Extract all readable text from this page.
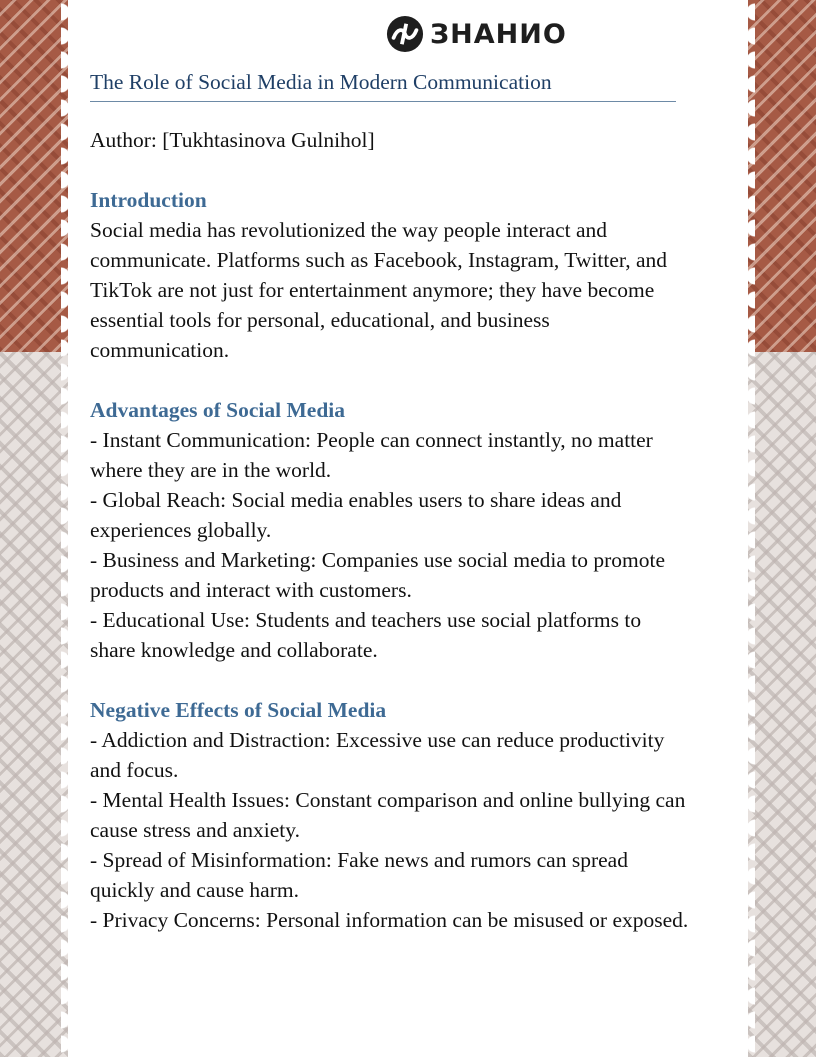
ЗНАНИО
The Role of Social Media in Modern Communication

Author: [Tukhtasinova Gulnihol]

Introduction

Social media has revolutionized the way people interact and communicate. Platforms such as Facebook, Instagram, Twitter, and TikTok are not just for entertainment anymore; they have become essential tools for personal, educational, and business communication.

Advantages of Social Media

- Instant Communication: People can connect instantly, no matter where they are in the world.

- Global Reach: Social media enables users to share ideas and experiences globally.

- Business and Marketing: Companies use social media to promote products and interact with customers.

- Educational Use: Students and teachers use social platforms to share knowledge and collaborate.

Negative Effects of Social Media

- Addiction and Distraction: Excessive use can reduce productivity and focus.

- Mental Health Issues: Constant comparison and online bullying can cause stress and anxiety.

- Spread of Misinformation: Fake news and rumors can spread quickly and cause harm.

- Privacy Concerns: Personal information can be misused or exposed.
